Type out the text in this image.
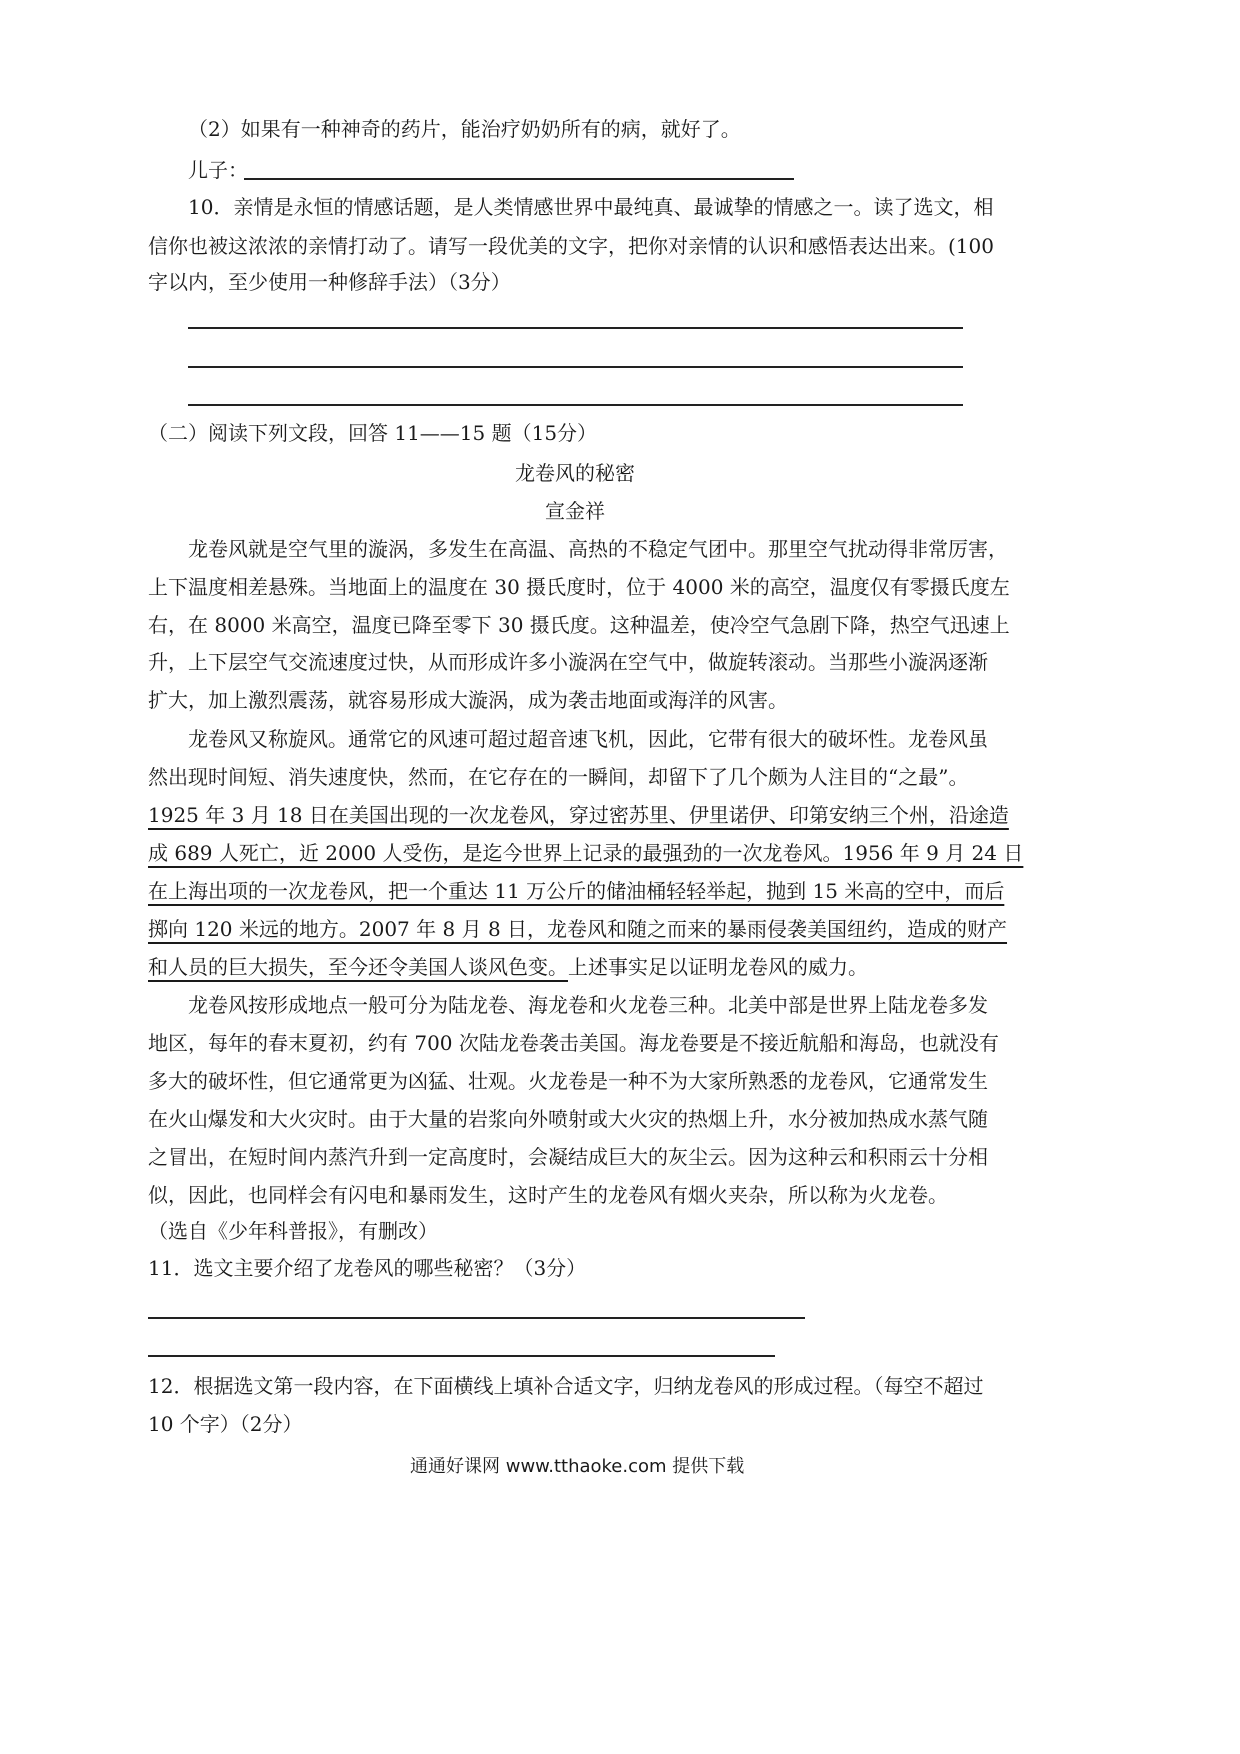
（2）如果有一种神奇的药片，能治疗奶奶所有的病，就好了。
儿子：
10．亲情是永恒的情感话题，是人类情感世界中最纯真、最诚挚的情感之一。读了选文，相
信你也被这浓浓的亲情打动了。请写一段优美的文字，把你对亲情的认识和感悟表达出来。(100
字以内，至少使用一种修辞手法）（3分）
（二）阅读下列文段，回答 11——15 题（15分）
龙卷风的秘密
宣金祥
龙卷风就是空气里的漩涡，多发生在高温、高热的不稳定气团中。那里空气扰动得非常厉害，
上下温度相差悬殊。当地面上的温度在 30 摄氏度时，位于 4000 米的高空，温度仅有零摄氏度左
右，在 8000 米高空，温度已降至零下 30 摄氏度。这种温差，使冷空气急剧下降，热空气迅速上
升，上下层空气交流速度过快，从而形成许多小漩涡在空气中，做旋转滚动。当那些小漩涡逐渐
扩大，加上激烈震荡，就容易形成大漩涡，成为袭击地面或海洋的风害。
龙卷风又称旋风。通常它的风速可超过超音速飞机，因此，它带有很大的破坏性。龙卷风虽
然出现时间短、消失速度快，然而，在它存在的一瞬间，却留下了几个颇为人注目的“之最”。
1925 年 3 月 18 日在美国出现的一次龙卷风，穿过密苏里、伊里诺伊、印第安纳三个州，沿途造
成 689 人死亡，近 2000 人受伤，是迄今世界上记录的最强劲的一次龙卷风。1956 年 9 月 24 日
在上海出项的一次龙卷风，把一个重达 11 万公斤的储油桶轻轻举起，抛到 15 米高的空中，而后
掷向 120 米远的地方。2007 年 8 月 8 日，龙卷风和随之而来的暴雨侵袭美国纽约，造成的财产
和人员的巨大损失，至今还令美国人谈风色变。上述事实足以证明龙卷风的威力。
龙卷风按形成地点一般可分为陆龙卷、海龙卷和火龙卷三种。北美中部是世界上陆龙卷多发
地区，每年的春末夏初，约有 700 次陆龙卷袭击美国。海龙卷要是不接近航船和海岛，也就没有
多大的破坏性，但它通常更为凶猛、壮观。火龙卷是一种不为大家所熟悉的龙卷风，它通常发生
在火山爆发和大火灾时。由于大量的岩浆向外喷射或大火灾的热烟上升，水分被加热成水蒸气随
之冒出，在短时间内蒸汽升到一定高度时，会凝结成巨大的灰尘云。因为这种云和积雨云十分相
似，因此，也同样会有闪电和暴雨发生，这时产生的龙卷风有烟火夹杂，所以称为火龙卷。
（选自《少年科普报》，有删改）
11．选文主要介绍了龙卷风的哪些秘密？（3分）
12．根据选文第一段内容，在下面横线上填补合适文字，归纳龙卷风的形成过程。（每空不超过
10 个字）（2分）
通通好课网 www.tthaoke.com 提供下载
